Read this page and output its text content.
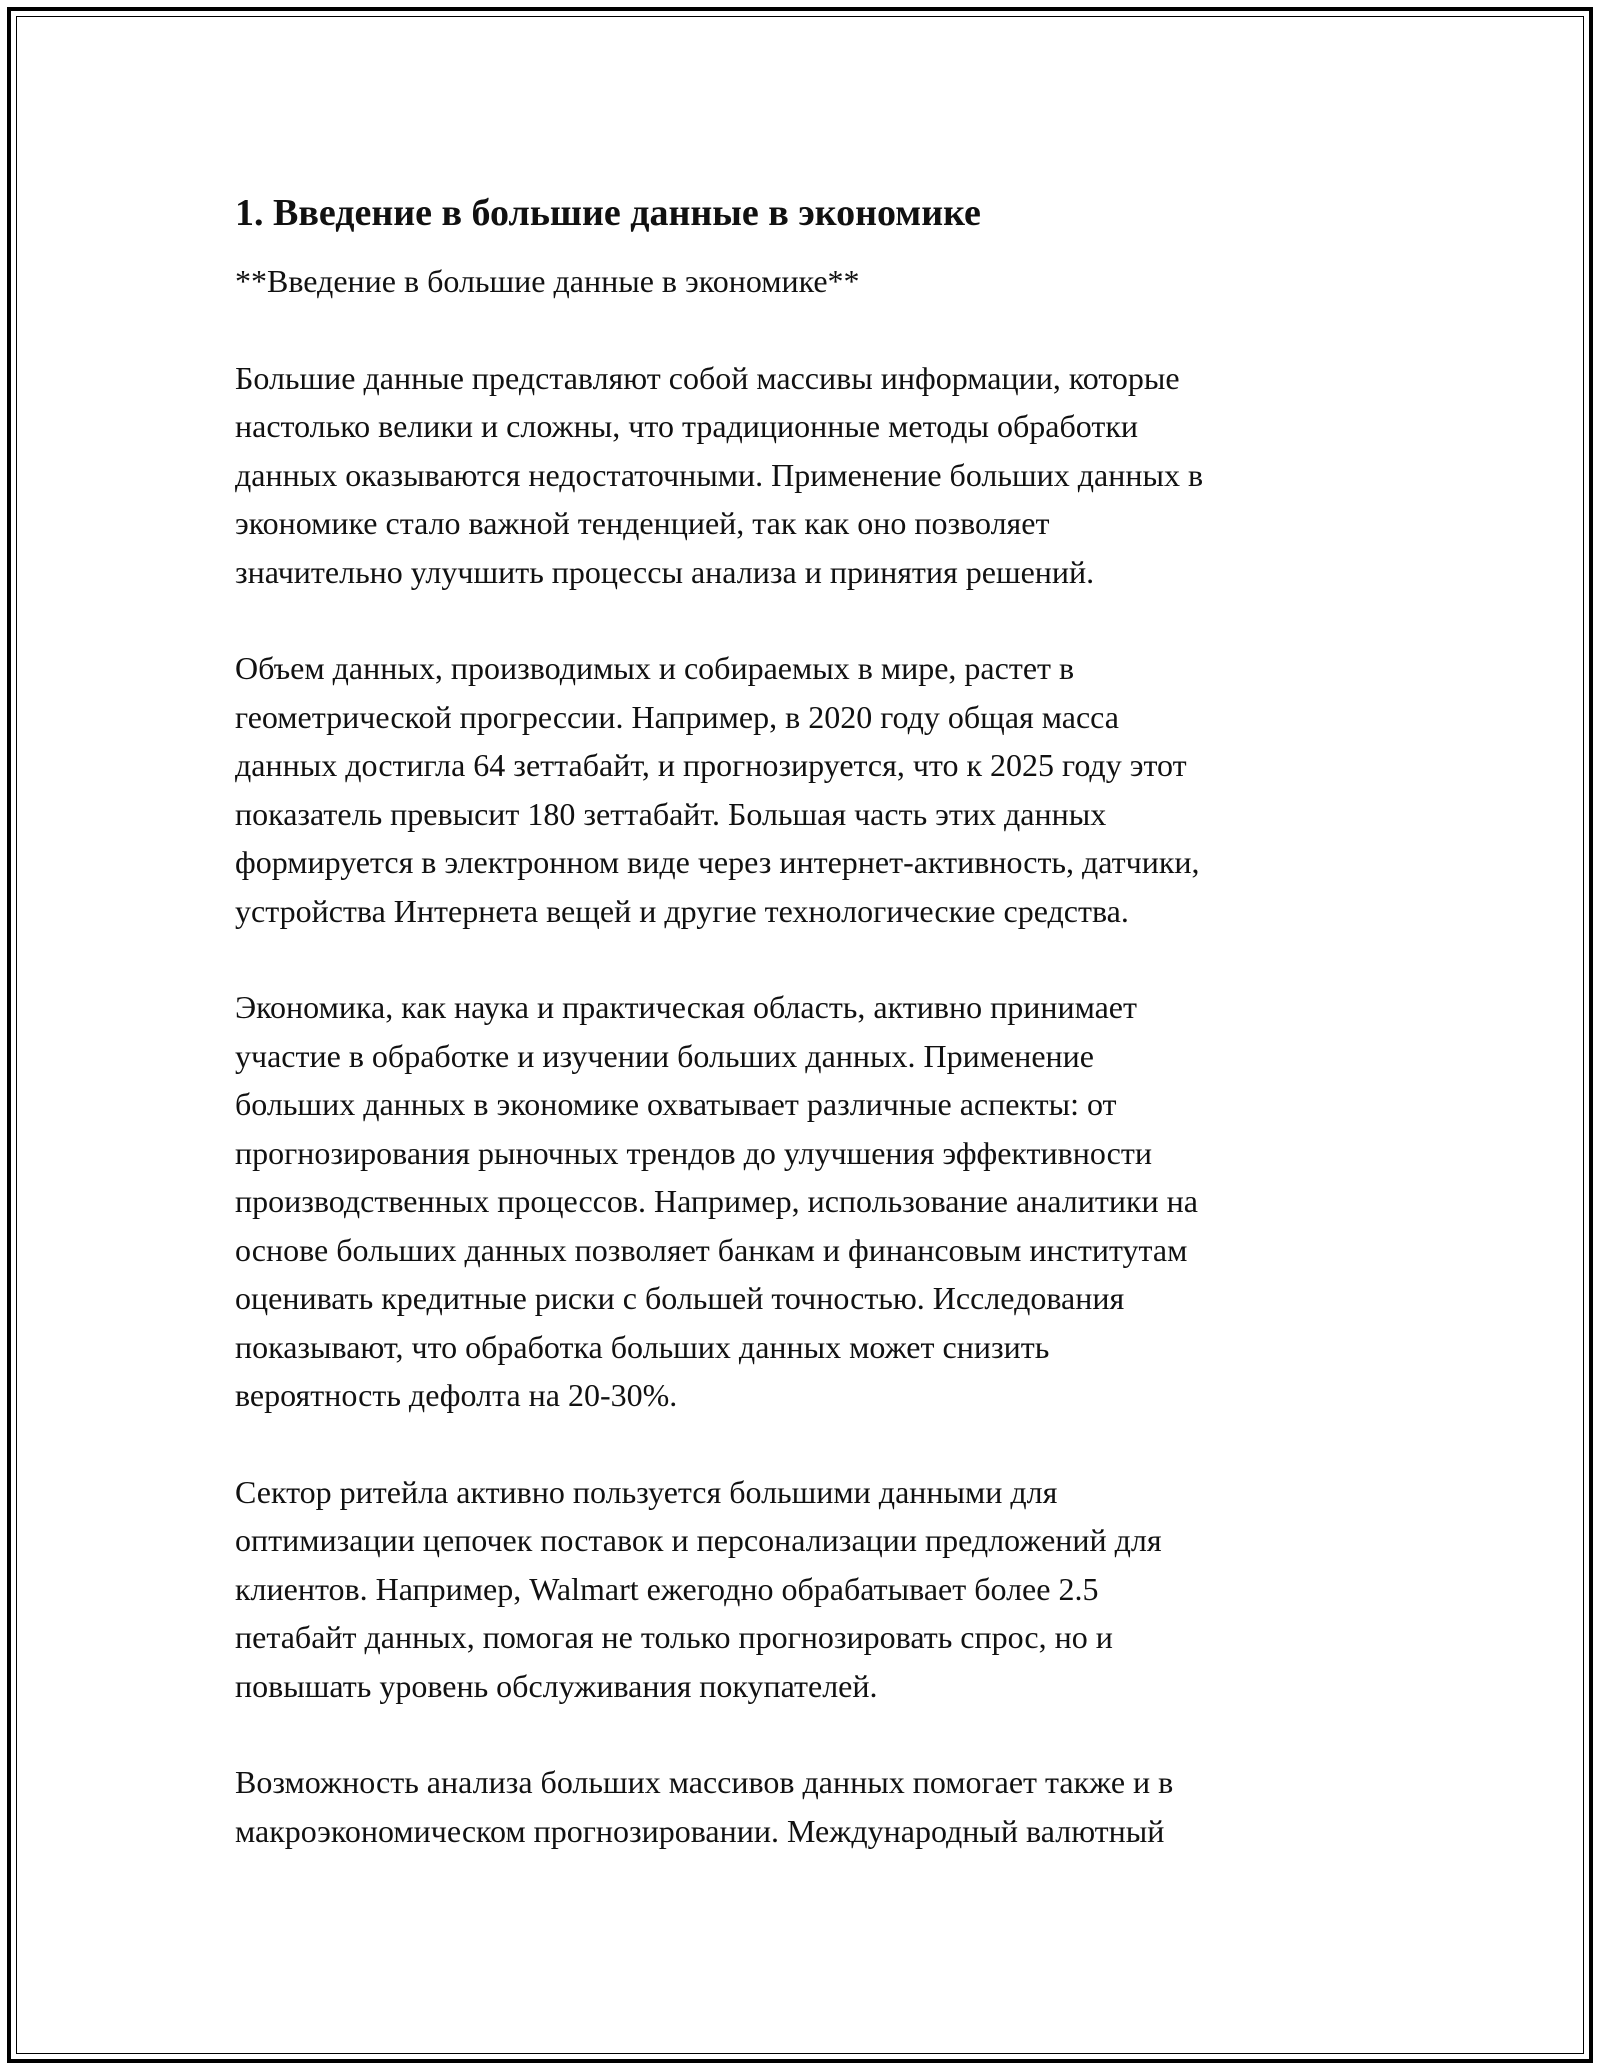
1. Введение в большие данные в экономике

**Введение в большие данные в экономике**

Большие данные представляют собой массивы информации, которые
настолько велики и сложны, что традиционные методы обработки
данных оказываются недостаточными. Применение больших данных в
экономике стало важной тенденцией, так как оно позволяет
значительно улучшить процессы анализа и принятия решений.

Объем данных, производимых и собираемых в мире, растет в
геометрической прогрессии. Например, в 2020 году общая масса
данных достигла 64 зеттабайт, и прогнозируется, что к 2025 году этот
показатель превысит 180 зеттабайт. Большая часть этих данных
формируется в электронном виде через интернет-активность, датчики,
устройства Интернета вещей и другие технологические средства.

Экономика, как наука и практическая область, активно принимает
участие в обработке и изучении больших данных. Применение
больших данных в экономике охватывает различные аспекты: от
прогнозирования рыночных трендов до улучшения эффективности
производственных процессов. Например, использование аналитики на
основе больших данных позволяет банкам и финансовым институтам
оценивать кредитные риски с большей точностью. Исследования
показывают, что обработка больших данных может снизить
вероятность дефолта на 20-30%.

Сектор ритейла активно пользуется большими данными для
оптимизации цепочек поставок и персонализации предложений для
клиентов. Например, Walmart ежегодно обрабатывает более 2.5
петабайт данных, помогая не только прогнозировать спрос, но и
повышать уровень обслуживания покупателей.

Возможность анализа больших массивов данных помогает также и в
макроэкономическом прогнозировании. Международный валютный
